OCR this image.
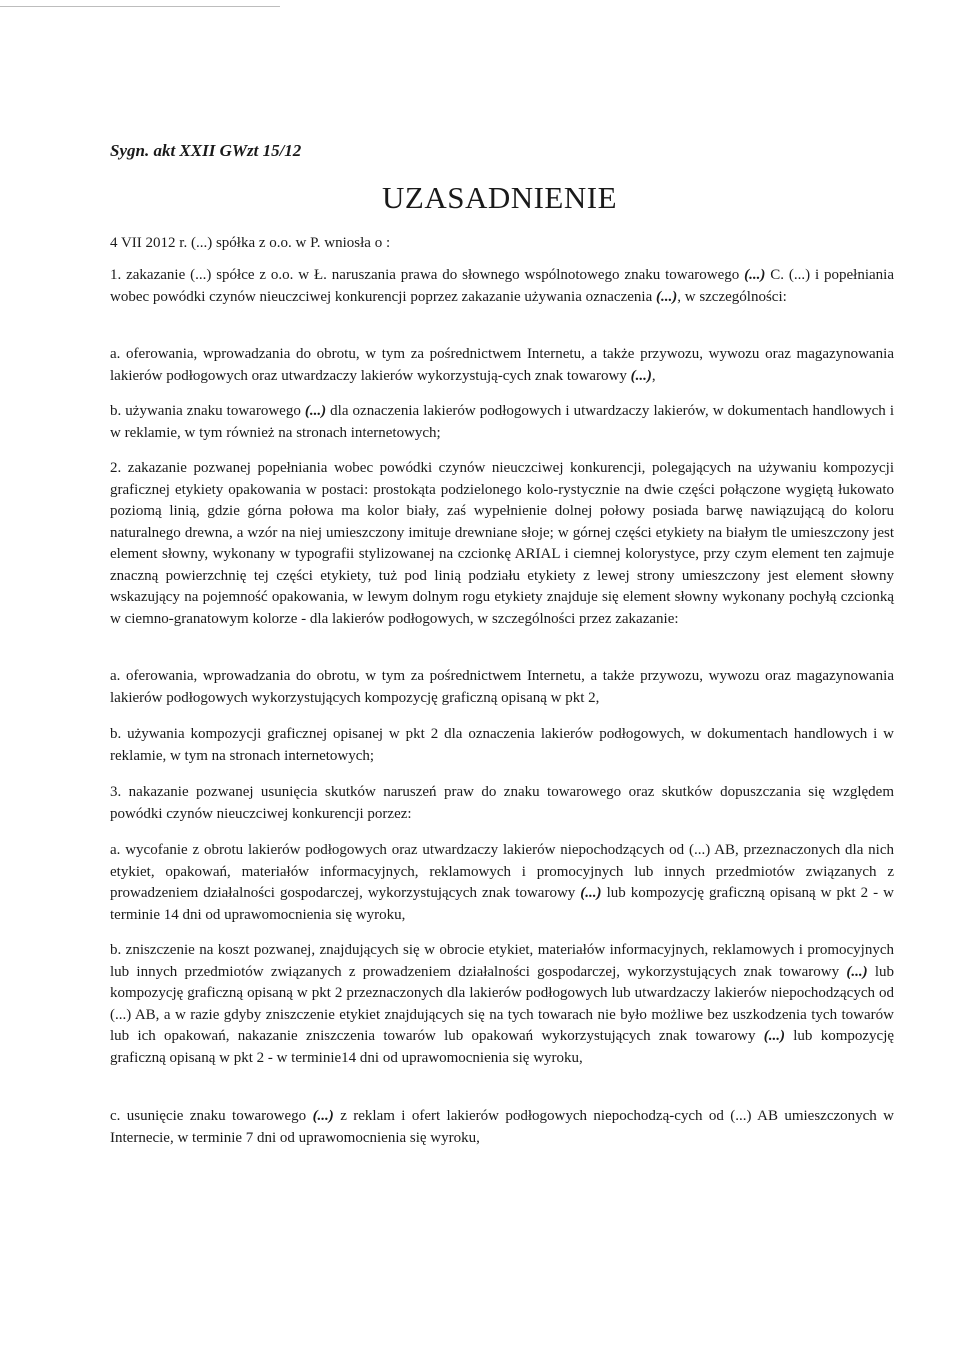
Sygn. akt XXII GWzt 15/12
UZASADNIENIE

4 VII 2012 r. (...) spółka z o.o. w P. wniosła o :

1. zakazanie (...) spółce z o.o. w Ł. naruszania prawa do słownego wspólnotowego znaku towarowego (...) C. (...) i popełniania wobec powódki czynów nieuczciwej konkurencji poprzez zakazanie używania oznaczenia (...), w szczególności:

a. oferowania, wprowadzania do obrotu, w tym za pośrednictwem Internetu, a także przywozu, wywozu oraz magazynowania lakierów podłogowych oraz utwardzaczy lakierów wykorzystują-cych znak towarowy (...),

b. używania znaku towarowego (...) dla oznaczenia lakierów podłogowych i utwardzaczy lakierów, w dokumentach handlowych i w reklamie, w tym również na stronach internetowych;

2. zakazanie pozwanej popełniania wobec powódki czynów nieuczciwej konkurencji, polegających na używaniu kompozycji graficznej etykiety opakowania w postaci: prostokąta podzielonego kolo-rystycznie na dwie części połączone wygiętą łukowato poziomą linią, gdzie górna połowa ma kolor biały, zaś wypełnienie dolnej połowy posiada barwę nawiązującą do koloru naturalnego drewna, a wzór na niej umieszczony imituje drewniane słoje; w górnej części etykiety na białym tle umieszczony jest element słowny, wykonany w typografii stylizowanej na czcionkę ARIAL i ciemnej kolorystyce, przy czym element ten zajmuje znaczną powierzchnię tej części etykiety, tuż pod linią podziału etykiety z lewej strony umieszczony jest element słowny wskazujący na pojemność opakowania, w lewym dolnym rogu etykiety znajduje się element słowny wykonany pochyłą czcionką w ciemno-granatowym kolorze - dla lakierów podłogowych, w szczególności przez zakazanie:

a. oferowania, wprowadzania do obrotu, w tym za pośrednictwem Internetu, a także przywozu, wywozu oraz magazynowania lakierów podłogowych wykorzystujących kompozycję graficzną opisaną w pkt 2,

b. używania kompozycji graficznej opisanej w pkt 2 dla oznaczenia lakierów podłogowych, w dokumentach handlowych i w reklamie, w tym na stronach internetowych;

3. nakazanie pozwanej usunięcia skutków naruszeń praw do znaku towarowego oraz skutków dopuszczania się względem powódki czynów nieuczciwej konkurencji porzez:

a. wycofanie z obrotu lakierów podłogowych oraz utwardzaczy lakierów niepochodzących od (...) AB, przeznaczonych dla nich etykiet, opakowań, materiałów informacyjnych, reklamowych i promocyjnych lub innych przedmiotów związanych z prowadzeniem działalności gospodarczej, wykorzystujących znak towarowy (...) lub kompozycję graficzną opisaną w pkt 2 - w terminie 14 dni od uprawomocnienia się wyroku,

b. zniszczenie na koszt pozwanej, znajdujących się w obrocie etykiet, materiałów informacyjnych, reklamowych i promocyjnych lub innych przedmiotów związanych z prowadzeniem działalności gospodarczej, wykorzystujących znak towarowy (...) lub kompozycję graficzną opisaną w pkt 2 przeznaczonych dla lakierów podłogowych lub utwardzaczy lakierów niepochodzących od (...) AB, a w razie gdyby zniszczenie etykiet znajdujących się na tych towarach nie było możliwe bez uszkodzenia tych towarów lub ich opakowań, nakazanie zniszczenia towarów lub opakowań wykorzystujących znak towarowy (...) lub kompozycję graficzną opisaną w pkt 2 - w terminie14 dni od uprawomocnienia się wyroku,

c. usunięcie znaku towarowego (...) z reklam i ofert lakierów podłogowych niepochodzą-cych od (...) AB umieszczonych w Internecie, w terminie 7 dni od uprawomocnienia się wyroku,
